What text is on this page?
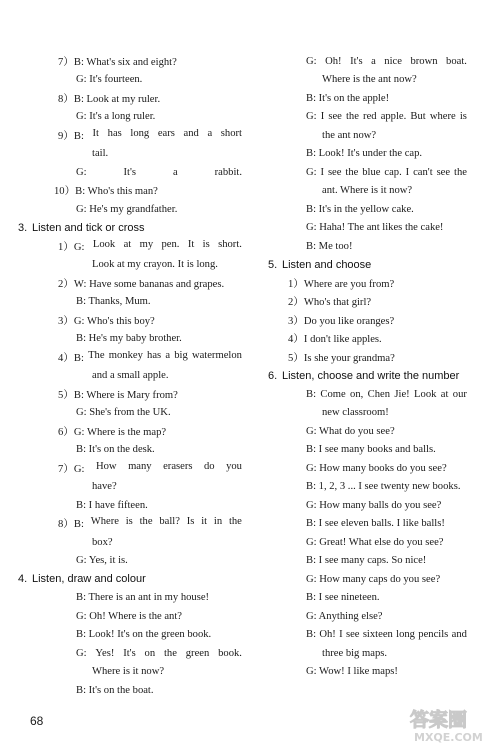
7）B: What's six and eight?
G: It's fourteen.
8）B: Look at my ruler.
G: It's a long ruler.
9）B: It has long ears and a short
tail.
G:	It's	a	rabbit.
10）B: Who's this man?
G: He's my grandfather.
3. Listen and tick or cross
1）G: Look at my pen. It is short.
Look at my crayon. It is long.
2）W: Have some bananas and grapes.
B: Thanks, Mum.
3）G: Who's this boy?
B: He's my baby brother.
4）B: The monkey has a big watermelon
and a small apple.
5）B: Where is Mary from?
G: She's from the UK.
6）G: Where is the map?
B: It's on the desk.
7）G: How many erasers do you
have?
B: I have fifteen.
8）B: Where is the ball? Is it in the
box?
G: Yes, it is.
4. Listen, draw and colour
B: There is an ant in my house!
G: Oh! Where is the ant?
B: Look! It's on the green book.
G: Yes! It's on the green book.
Where is it now?
B: It's on the boat.
G: Oh! It's a nice brown boat.
Where is the ant now?
B: It's on the apple!
G: I see the red apple. But where is
the ant now?
B: Look! It's under the cap.
G: I see the blue cap. I can't see the
ant. Where is it now?
B: It's in the yellow cake.
G: Haha! The ant likes the cake!
B: Me too!
5. Listen and choose
1）Where are you from?
2）Who's that girl?
3）Do you like oranges?
4）I don't like apples.
5）Is she your grandma?
6. Listen, choose and write the number
B: Come on, Chen Jie! Look at our
new classroom!
G: What do you see?
B: I see many books and balls.
G: How many books do you see?
B: 1, 2, 3 ... I see twenty new books.
G: How many balls do you see?
B: I see eleven balls. I like balls!
G: Great! What else do you see?
B: I see many caps. So nice!
G: How many caps do you see?
B: I see nineteen.
G: Anything else?
B: Oh! I see sixteen long pencils and
three big maps.
G: Wow! I like maps!
68	答案圈
MXQE.COM
